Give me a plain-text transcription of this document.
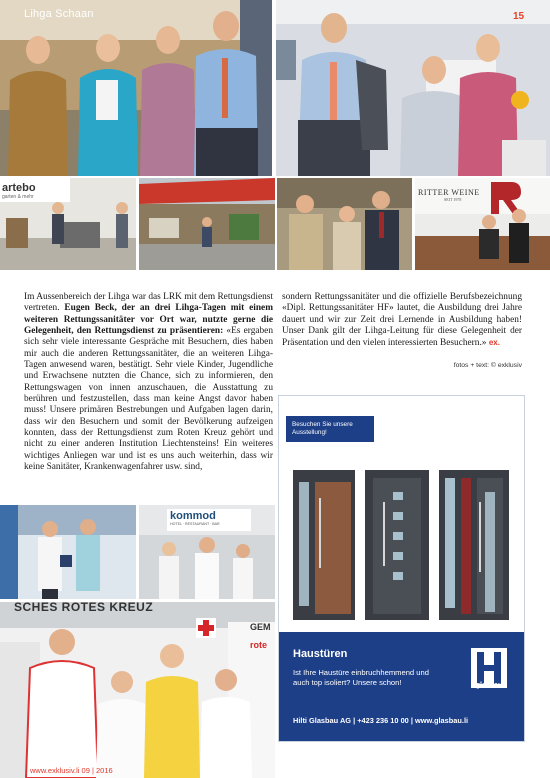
Lihga Schaan	15
artebo
garten & mehr	RITTER WEINE
SEIT 1978

Im Aussenbereich der Lihga war das LRK mit dem Rettungsdienst vertreten. Eugen Beck, der an drei Lihga-Tagen mit einem weiteren Rettungssanitäter vor Ort war, nutzte gerne die Gelegenheit, den Rettungsdienst zu präsentieren: «Es ergaben sich sehr viele interessante Gespräche mit Besuchern, dies haben mir auch die anderen Rettungssanitäter, die an weiteren Lihga-Tagen anwesend waren, bestätigt. Sehr viele Kinder, Jugendliche und Erwachsene nutzten die Chance, sich zu informieren, den Rettungswagen von innen anzuschauen, die Ausstattung zu berühren und festzustellen, dass man keine Angst davor haben muss! Unsere primären Bestrebungen und Aufgaben lagen darin, dass wir den Besuchern und somit der Bevölkerung aufzeigen konnten, dass der Rettungsdienst zum Roten Kreuz gehört und nicht zu einer anderen Institution Liechtensteins! Ein weiteres wichtiges Anliegen war und ist es uns auch weiterhin, dass wir keine Sanitäter, Krankenwagenfahrer usw. sind,

sondern Rettungssanitäter und die offizielle Berufsbezeichnung «Dipl. Rettungssanitäter HF» lautet, die Ausbildung drei Jahre dauert und wir zur Zeit drei Lernende in Ausbildung haben! Unser Dank gilt der Lihga-Leitung für diese Gelegenheit der Präsentation und den vielen interessierten Besuchern.» ex.

fotos + text: © exklusiv
kommod
HOTEL · RESTAURANT · BAR
SCHES ROTES KREUZ
GEM
rote
Besuchen Sie unsere Ausstellung!
Haustüren
Ist Ihre Haustüre einbruchhemmend und auch top isoliert? Unsere schon!
Hilti Glasbau AG | +423 236 10 00 | www.glasbau.li
glasbau
www.exklusiv.li 09 | 2016
